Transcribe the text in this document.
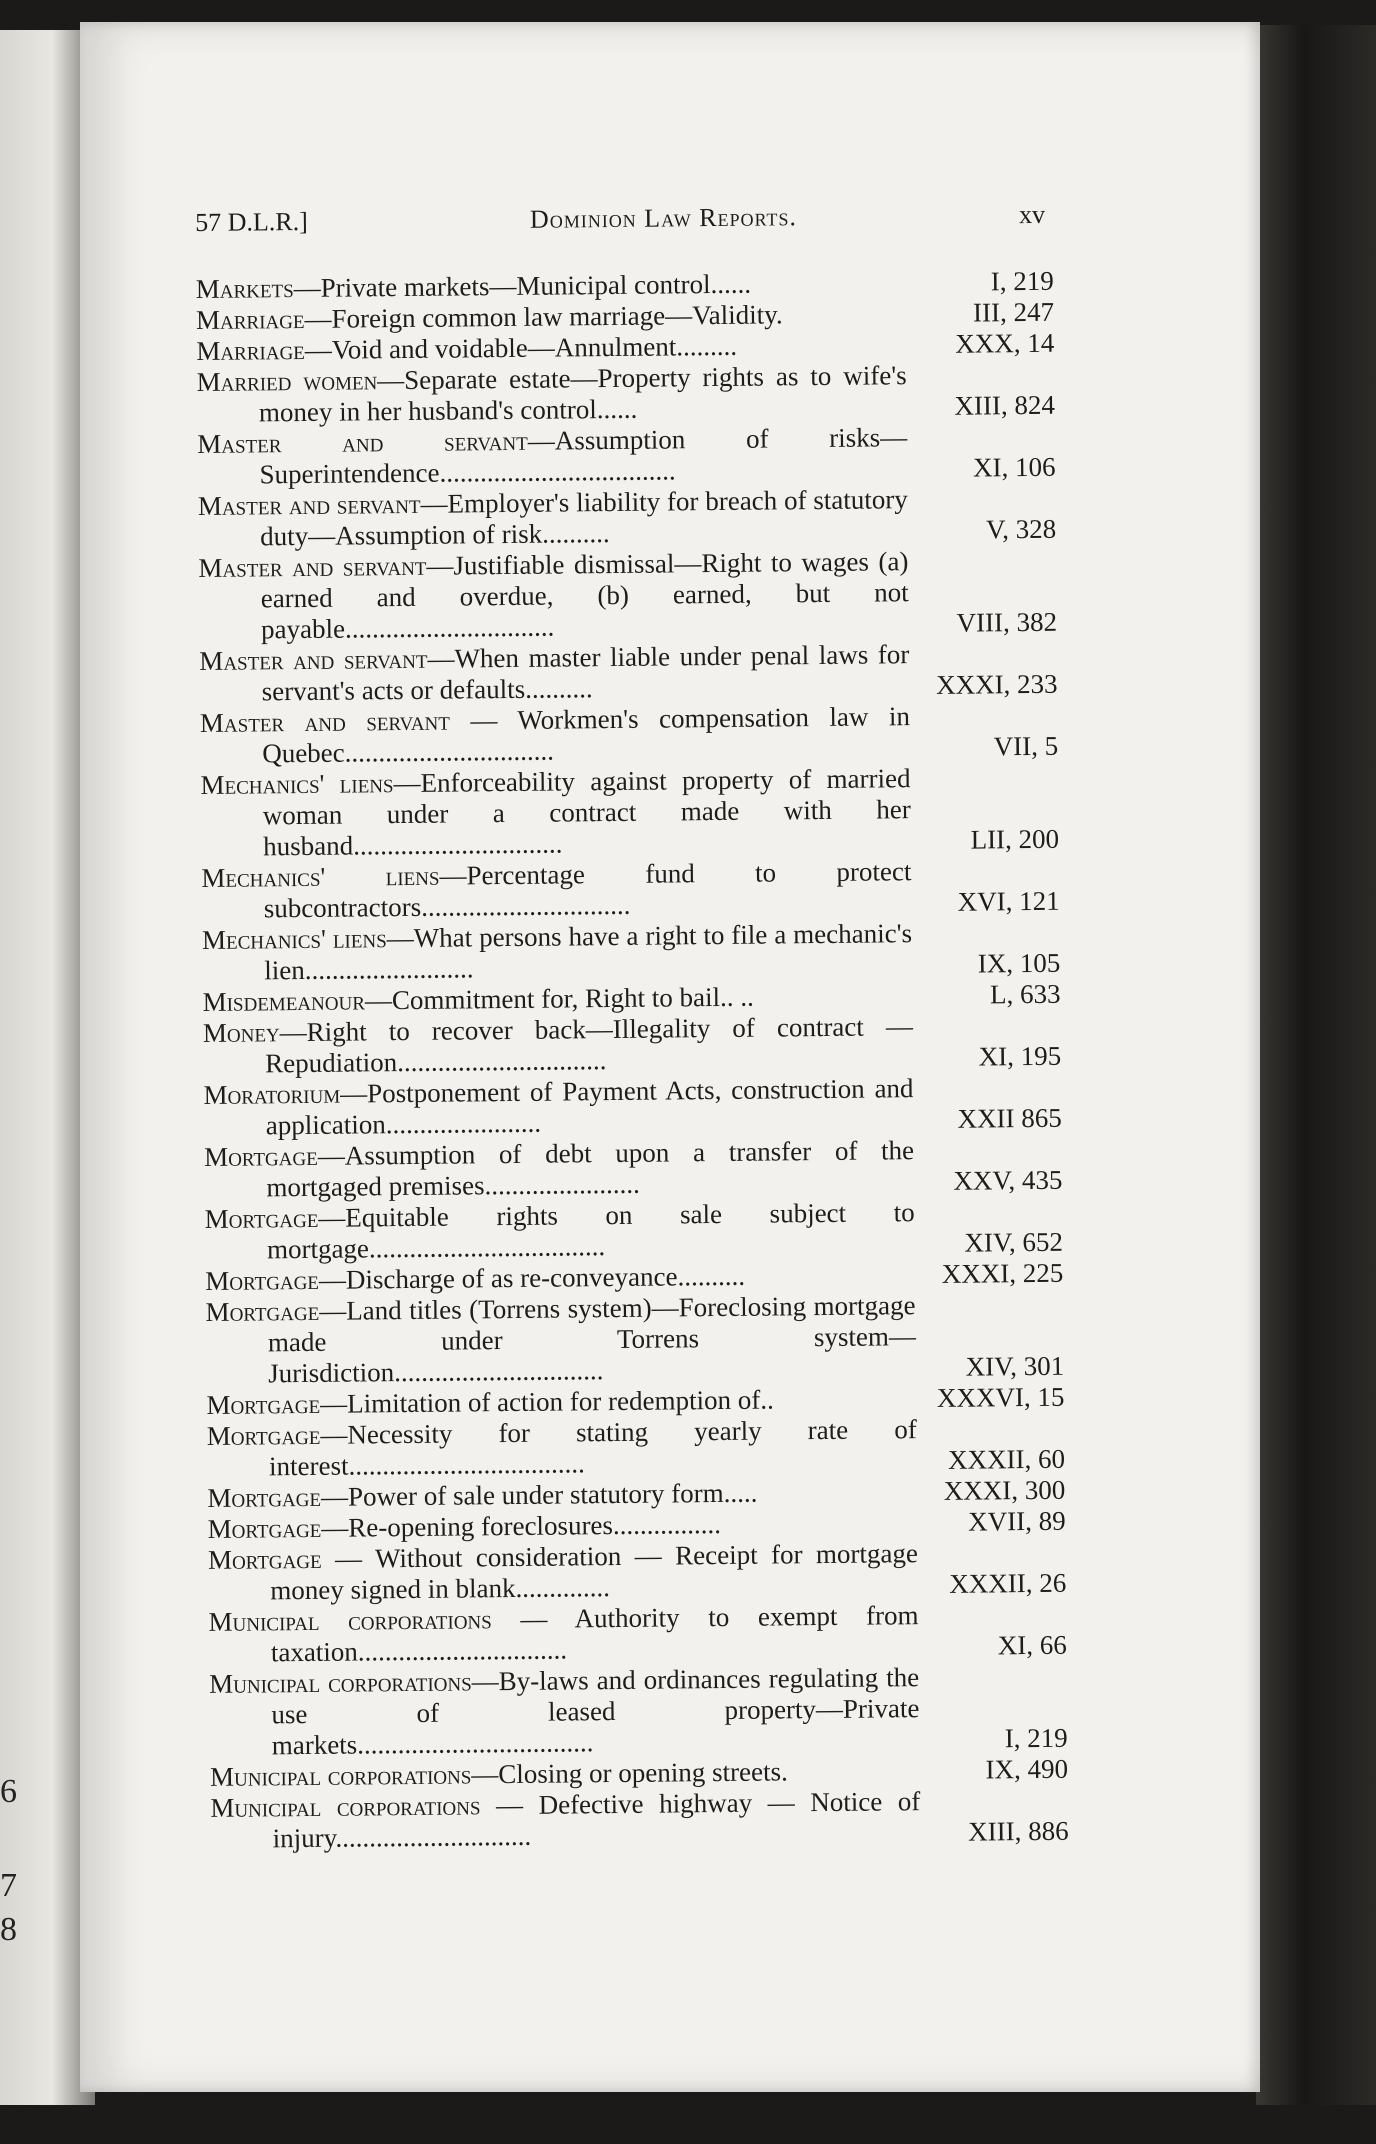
6
7
8
57 D.L.R.]	Dominion Law Reports.	xv
Markets—Private markets—Municipal control......	I, 219
Marriage—Foreign common law marriage—Validity.	III, 247
Marriage—Void and voidable—Annulment.........	XXX, 14
Married women—Separate estate—Property rights as to wife's money in her husband's control......	XIII, 824
Master and servant—Assumption of risks—Superintendence...................................	XI, 106
Master and servant—Employer's liability for breach of statutory duty—Assumption of risk..........	V, 328
Master and servant—Justifiable dismissal—Right to wages (a) earned and overdue, (b) earned, but not payable...............................	VIII, 382
Master and servant—When master liable under penal laws for servant's acts or defaults..........	XXXI, 233
Master and servant — Workmen's compensation law in Quebec...............................	VII, 5
Mechanics' liens—Enforceability against property of married woman under a contract made with her husband...............................	LII, 200
Mechanics' liens—Percentage fund to protect subcontractors...............................	XVI, 121
Mechanics' liens—What persons have a right to file a mechanic's lien.........................	IX, 105
Misdemeanour—Commitment for, Right to bail.. ..	L, 633
Money—Right to recover back—Illegality of contract —Repudiation...............................	XI, 195
Moratorium—Postponement of Payment Acts, construction and application.......................	XXII 865
Mortgage—Assumption of debt upon a transfer of the mortgaged premises.......................	XXV, 435
Mortgage—Equitable rights on sale subject to mortgage...................................	XIV, 652
Mortgage—Discharge of as re-conveyance..........	XXXI, 225
Mortgage—Land titles (Torrens system)—Foreclosing mortgage made under Torrens system—Jurisdiction...............................	XIV, 301
Mortgage—Limitation of action for redemption of..	XXXVI, 15
Mortgage—Necessity for stating yearly rate of interest...................................	XXXII, 60
Mortgage—Power of sale under statutory form.....	XXXI, 300
Mortgage—Re-opening foreclosures................	XVII, 89
Mortgage — Without consideration — Receipt for mortgage money signed in blank..............	XXXII, 26
Municipal corporations — Authority to exempt from taxation...............................	XI, 66
Municipal corporations—By-laws and ordinances regulating the use of leased property—Private markets...................................	I, 219
Municipal corporations—Closing or opening streets.	IX, 490
Municipal corporations — Defective highway — Notice of injury.............................	XIII, 886
